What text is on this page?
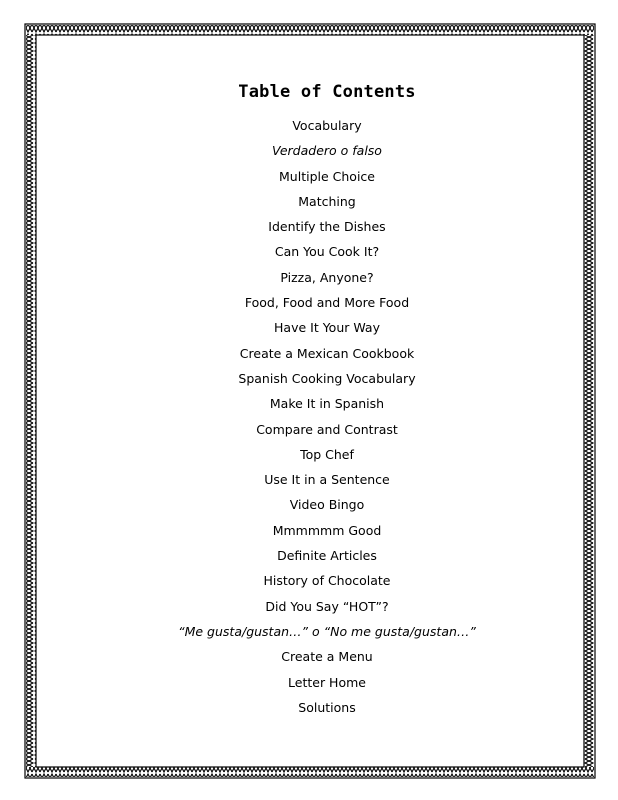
Table of Contents
Vocabulary
Verdadero o falso
Multiple Choice
Matching
Identify the Dishes
Can You Cook It?
Pizza, Anyone?
Food, Food and More Food
Have It Your Way
Create a Mexican Cookbook
Spanish Cooking Vocabulary
Make It in Spanish
Compare and Contrast
Top Chef
Use It in a Sentence
Video Bingo
Mmmmmm Good
Definite Articles
History of Chocolate
Did You Say “HOT”?
“Me gusta/gustan…” o “No me gusta/gustan…”
Create a Menu
Letter Home
Solutions
